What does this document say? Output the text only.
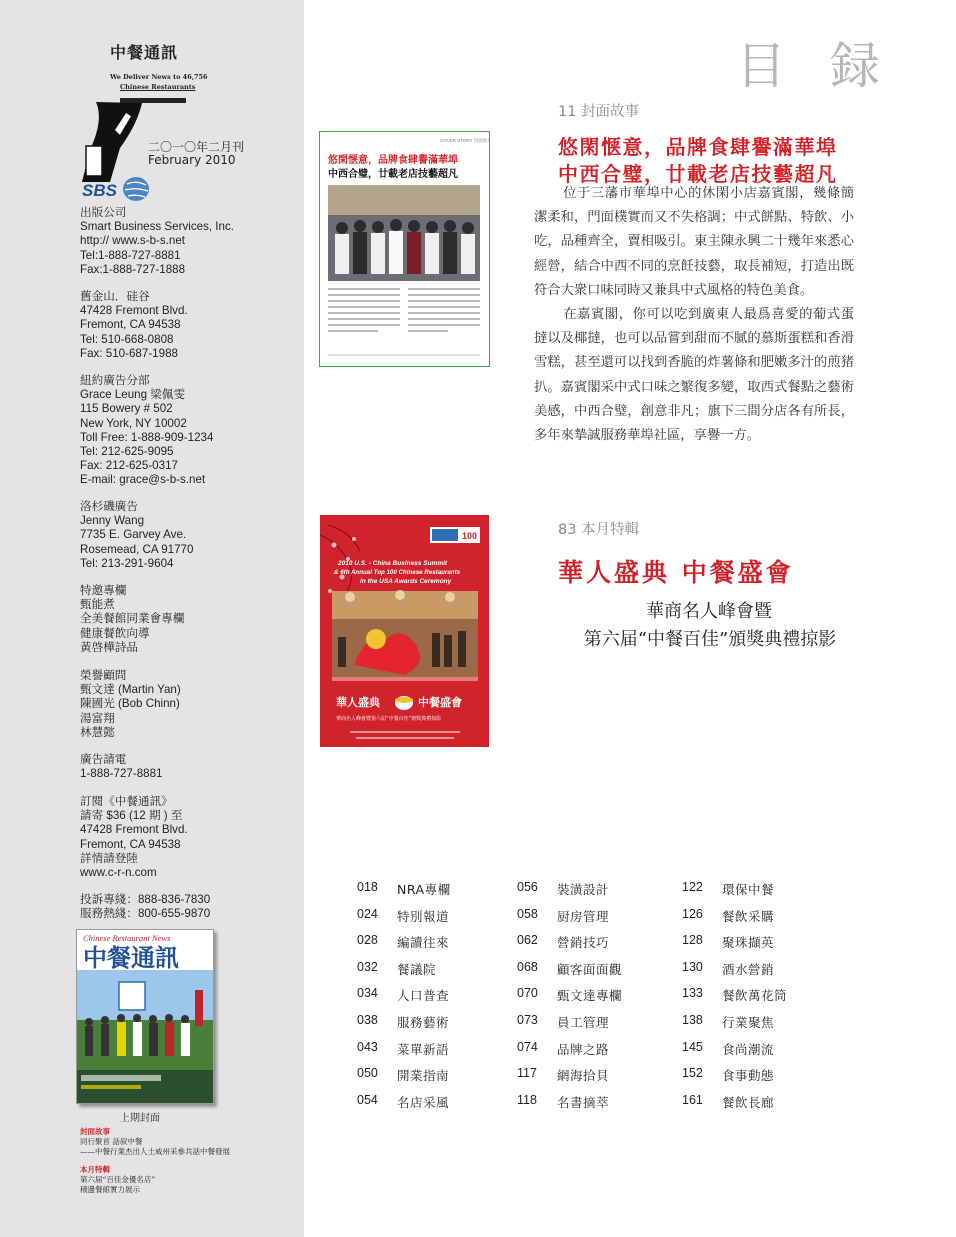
中餐通訊
We Deliver News to 46,756
Chinese Restaurants
二〇一〇年二月刊
February 2010
SBS
出版公司
Smart Business Services, Inc.
http:// www.s-b-s.net
Tel:1-888-727-8881
Fax:1-888-727-1888
舊金山．硅谷
47428 Fremont Blvd.
Fremont, CA 94538
Tel: 510-668-0808
Fax: 510-687-1988
紐約廣告分部
Grace Leung 梁佩雯
115 Bowery # 502
New York, NY 10002
Toll Free: 1-888-909-1234
Tel: 212-625-9095
Fax: 212-625-0317
E-mail: grace@s-b-s.net
洛杉磯廣告
Jenny Wang
7735 E. Garvey Ave.
Rosemead, CA 91770
Tel: 213-291-9604
特邀專欄
甄能煮
全美餐館同業會專欄
健康餐飲向導
黃啓樺詩品
榮譽顧問
甄文達 (Martin Yan)
陳國光 (Bob Chinn)
湯富翔
林慧懿
廣告請電
1-888-727-8881
訂閱《中餐通訊》
請寄 $36 (12 期 ) 至
47428 Fremont Blvd.
Fremont, CA 94538
詳情請登陸
www.c-r-n.com
投訴專綫：888-836-7830
服務熱綫：800-655-9870
Chinese Restaurant News
中餐通訊
上期封面
封面故事
同行聚首 話叙中餐
——中餐行業杰出人士威州采參共話中餐發展
本月特輯
第六届“百佳金優名店”
積邊餐館實力展示
目 録
11 封面故事
悠閑惬意，品牌食肆譽滿華埠
中西合璧，廿載老店技藝超凡
COVER STORY 封面故事
悠閑惬意，品牌食肆譽滿華埠
中西合璧，廿載老店技藝超凡

位于三藩市華埠中心的休閑小店嘉賓閣，幾條簡潔柔和，門面樸實而又不失格調；中式餅點、特飲、小吃，品種齊全，賣相吸引。東主陳永興二十幾年來悉心經營，結合中西不同的烹飪技藝，取長補短，打造出既符合大衆口味同時又兼具中式風格的特色美食。

在嘉賓閣，你可以吃到廣東人最爲喜愛的葡式蛋撻以及椰撻，也可以品嘗到甜而不膩的慕斯蛋糕和香滑雪糕，甚至還可以找到香脆的炸薯條和肥嫩多汁的煎猪扒。嘉賓閣采中式口味之繁復多變，取西式餐點之藝術美感，中西合璧，創意非凡；旗下三間分店各有所長，多年來摯誠服務華埠社區，享譽一方。

83 本月特輯
華人盛典 中餐盛會
100
2010 U.S. - China Business Summit
& 6th Annual Top 100 Chinese Restaurants
in the USA Awards Ceremony
華人盛典	中餐盛會
華商名人峰會暨第六届“中餐百佳”頒獎典禮掠影
華商名人峰會暨
第六届“中餐百佳”頒獎典禮掠影
018	NRA專欄
024	特別報道
028	編讀往來
032	餐議院
034	人口普查
038	服務藝術
043	菜單新語
050	開業指南
054	名店采風
056	裝潢設計
058	厨房管理
062	營銷技巧
068	顧客面面觀
070	甄文達專欄
073	員工管理
074	品牌之路
117	網海拾貝
118	名書摘萃
122	環保中餐
126	餐飲采購
128	聚珠擷英
130	酒水營銷
133	餐飲萬花筒
138	行業聚焦
145	食尚潮流
152	食事動態
161	餐飲長廊
